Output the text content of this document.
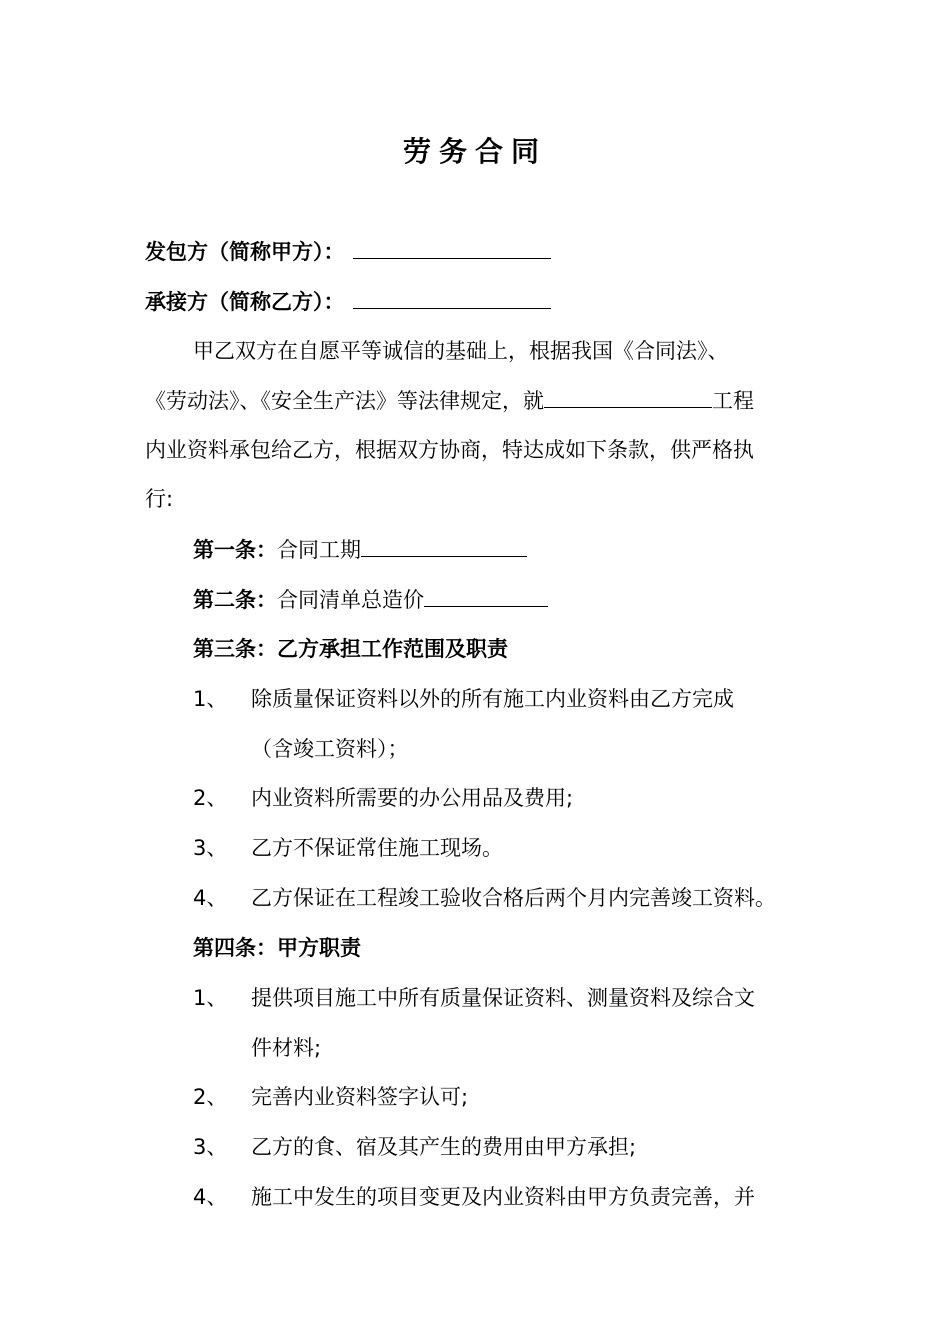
劳务合同
发包方（简称甲方）：
承接方（简称乙方）：
甲乙双方在自愿平等诚信的基础上，根据我国《合同法》、
《劳动法》、《安全生产法》等法律规定，就	工程
内业资料承包给乙方，根据双方协商，特达成如下条款，供严格执
行:
第一条：合同工期
第二条：合同清单总造价
第三条：乙方承担工作范围及职责
1、 除质量保证资料以外的所有施工内业资料由乙方完成
（含竣工资料）；
2、 内业资料所需要的办公用品及费用;
3、 乙方不保证常住施工现场。
4、 乙方保证在工程竣工验收合格后两个月内完善竣工资料。
第四条：甲方职责
1、 提供项目施工中所有质量保证资料、测量资料及综合文
件材料;
2、 完善内业资料签字认可;
3、 乙方的食、宿及其产生的费用由甲方承担;
4、 施工中发生的项目变更及内业资料由甲方负责完善，并
